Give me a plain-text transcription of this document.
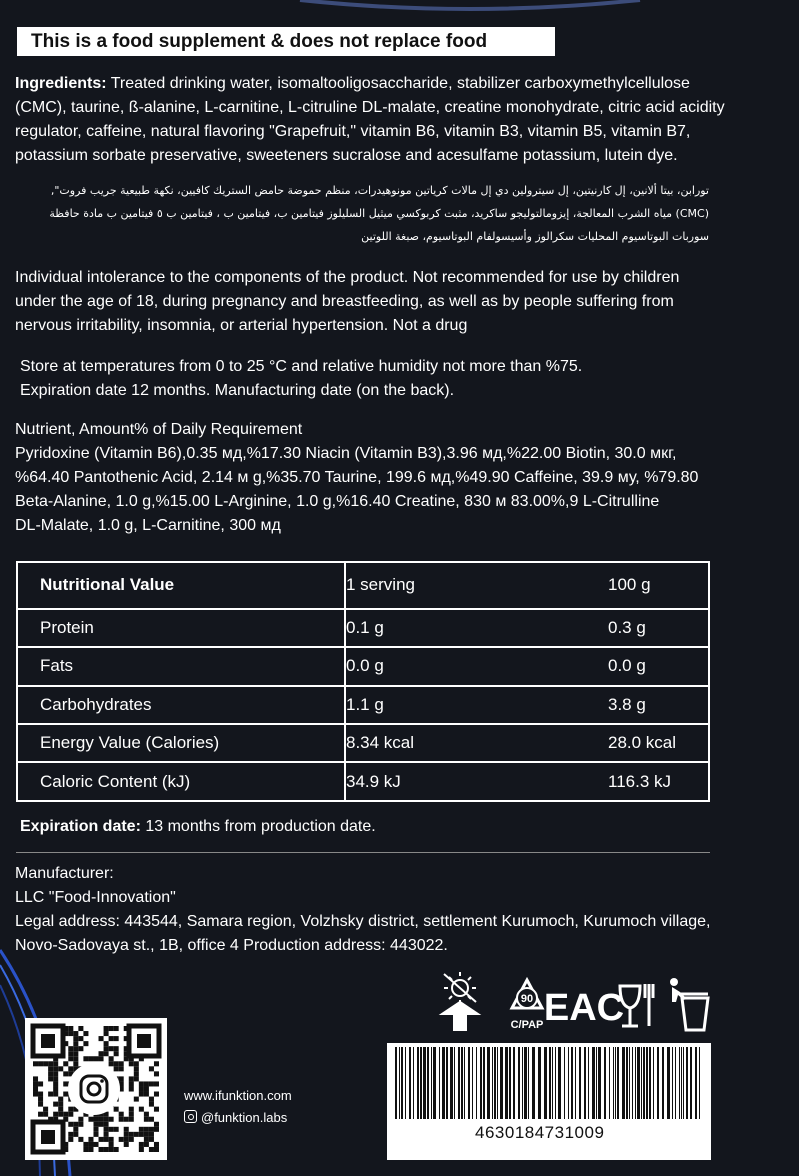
This is a food supplement & does not replace food
Ingredients: Treated drinking water, isomaltooligosaccharide, stabilizer carboxymethylcellulose
(CMC), taurine, ß-alanine, L-carnitine, L-citruline DL-malate, creatine monohydrate, citric acid acidity
regulator, caffeine, natural flavoring "Grapefruit," vitamin B6, vitamin B3, vitamin B5, vitamin B7,
potassium sorbate preservative, sweeteners sucralose and acesulfame potassium, lutein dye.
تورابن، بيتا ألانين، إل كارنيتين، إل سيترولين دي إل مالات كرياتين مونوهيدرات، منظم حموضة حامض الستريك كافيين، نكهة طبيعية جريب فروت",
(CMC) مياه الشرب المعالجة، إيزومالتوليجو ساكريد، مثبت كربوكسي ميثيل السليلوز فيتامين ب، فيتامين ب ، فيتامين ب ٥ فيتامين ب مادة حافظة
سوربات البوتاسيوم المحليات سكرالوز وأسيسولفام البوتاسيوم، صبغة اللوتين
Individual intolerance to the components of the product. Not recommended for use by children
under the age of 18, during pregnancy and breastfeeding, as well as by people suffering from
nervous irritability, insomnia, or arterial hypertension. Not a drug
Store at temperatures from 0 to 25 °C and relative humidity not more than %75.
Expiration date 12 months. Manufacturing date (on the back).
Nutrient, Amount% of Daily Requirement
Pyridoxine (Vitamin B6),0.35 мд,%17.30 Niacin (Vitamin B3),3.96 мд,%22.00 Biotin, 30.0 мкг,
%64.40 Pantothenic Acid, 2.14 м g,%35.70 Taurine, 199.6 мд,%49.90 Caffeine, 39.9 му, %79.80
Beta-Alanine, 1.0 g,%15.00 L-Arginine, 1.0 g,%16.40 Creatine, 830 м 83.00%,9 L-Citrulline
DL-Malate, 1.0 g, L-Carnitine, 300 мд
Nutritional Value	1 serving	100 g
Protein	0.1 g	0.3 g
Fats	0.0 g	0.0 g
Carbohydrates	1.1 g	3.8 g
Energy Value (Calories)	8.34 kcal	28.0 kcal
Caloric Content (kJ)	34.9 kJ	116.3 kJ
Expiration date: 13 months from production date.
Manufacturer:
LLC "Food-Innovation"
Legal address: 443544, Samara region, Volzhsky district, settlement Kurumoch, Kurumoch village,
Novo-Sadovaya st., 1B, office 4 Production address: 443022.
90
C/PAP EAC
www.ifunktion.com
@funktion.labs
4630184731009
